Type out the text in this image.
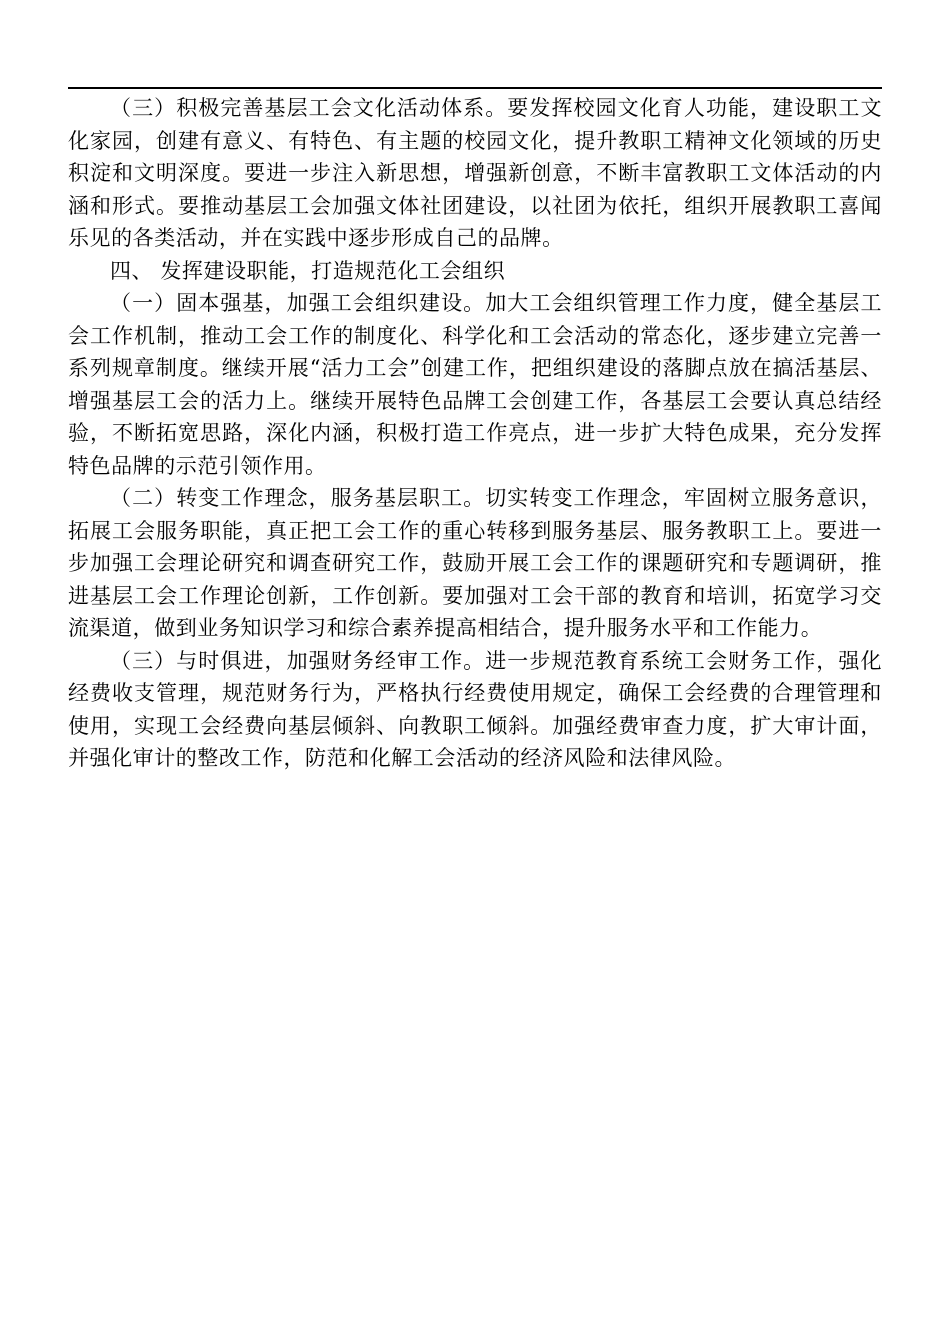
（三）积极完善基层工会文化活动体系。要发挥校园文化育人功能，建设职工文化家园，创建有意义、有特色、有主题的校园文化，提升教职工精神文化领域的历史积淀和文明深度。要进一步注入新思想，增强新创意，不断丰富教职工文体活动的内涵和形式。要推动基层工会加强文体社团建设，以社团为依托，组织开展教职工喜闻乐见的各类活动，并在实践中逐步形成自己的品牌。

四、 发挥建设职能，打造规范化工会组织

（一）固本强基，加强工会组织建设。加大工会组织管理工作力度，健全基层工会工作机制，推动工会工作的制度化、科学化和工会活动的常态化，逐步建立完善一系列规章制度。继续开展“活力工会”创建工作，把组织建设的落脚点放在搞活基层、增强基层工会的活力上。继续开展特色品牌工会创建工作，各基层工会要认真总结经验，不断拓宽思路，深化内涵，积极打造工作亮点，进一步扩大特色成果，充分发挥特色品牌的示范引领作用。

（二）转变工作理念，服务基层职工。切实转变工作理念，牢固树立服务意识，拓展工会服务职能，真正把工会工作的重心转移到服务基层、服务教职工上。要进一步加强工会理论研究和调查研究工作，鼓励开展工会工作的课题研究和专题调研，推进基层工会工作理论创新，工作创新。要加强对工会干部的教育和培训，拓宽学习交流渠道，做到业务知识学习和综合素养提高相结合，提升服务水平和工作能力。

（三）与时俱进，加强财务经审工作。进一步规范教育系统工会财务工作，强化经费收支管理，规范财务行为，严格执行经费使用规定，确保工会经费的合理管理和使用，实现工会经费向基层倾斜、向教职工倾斜。加强经费审查力度，扩大审计面，并强化审计的整改工作，防范和化解工会活动的经济风险和法律风险。
